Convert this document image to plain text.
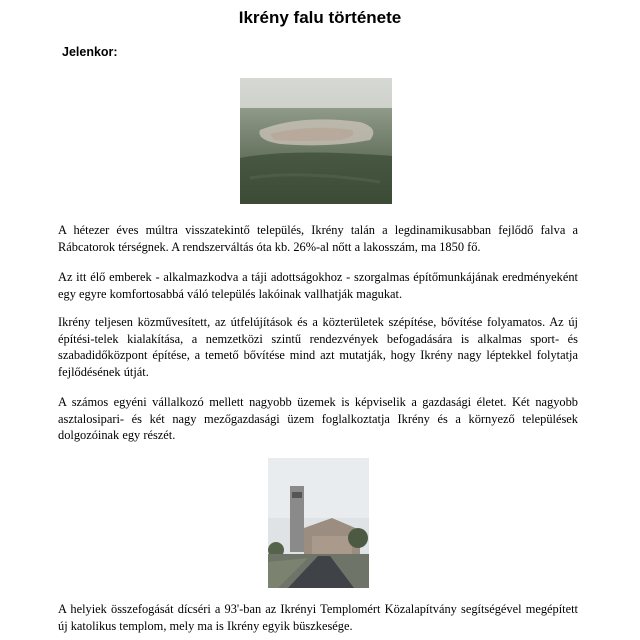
Ikrény falu története
Jelenkor:

A hétezer éves múltra visszatekintő település, Ikrény talán a legdinamikusabban fejlődő falva a Rábcatorok térségnek. A rendszerváltás óta kb. 26%-al nőtt a lakosszám, ma 1850 fő.

Az itt élő emberek - alkalmazkodva a táji adottságokhoz - szorgalmas építőmunkájának eredményeként egy egyre komfortosabbá váló település lakóinak vallhatják magukat.

Ikrény teljesen közművesített, az útfelújítások és a közterületek szépítése, bővítése folyamatos. Az új építési-telek kialakítása, a nemzetközi szintű rendezvények befogadására is alkalmas sport- és szabadidőközpont építése, a temető bővítése mind azt mutatják, hogy Ikrény nagy léptekkel folytatja fejlődésének útját.

A számos egyéni vállalkozó mellett nagyobb üzemek is képviselik a gazdasági életet. Két nagyobb asztalosipari- és két nagy mezőgazdasági üzem foglalkoztatja Ikrény és a környező települések dolgozóinak egy részét.

A helyiek összefogását dícséri a 93'-ban az Ikrényi Templomért Közalapítvány segítségével megépített új katolikus templom, mely ma is Ikrény egyik büszkesége.
